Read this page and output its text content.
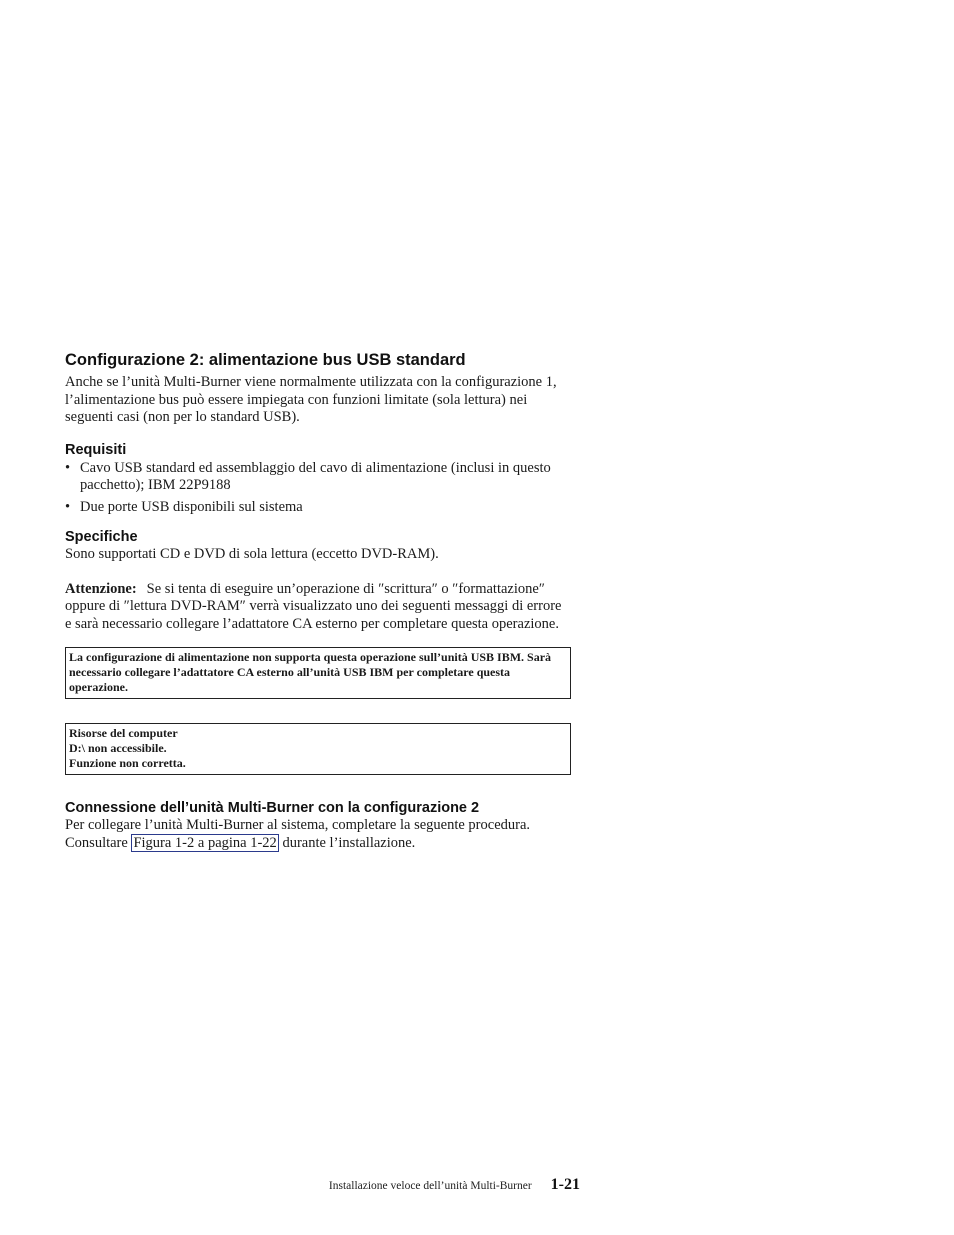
Configurazione 2: alimentazione bus USB standard

Anche se l’unità Multi-Burner viene normalmente utilizzata con la configurazione 1, l’alimentazione bus può essere impiegata con funzioni limitate (sola lettura) nei seguenti casi (non per lo standard USB).

Requisiti
• Cavo USB standard ed assemblaggio del cavo di alimentazione (inclusi in questo pacchetto); IBM 22P9188
• Due porte USB disponibili sul sistema
Specifiche

Sono supportati CD e DVD di sola lettura (eccetto DVD-RAM).

Attenzione: Se si tenta di eseguire un’operazione di ″scrittura″ o ″formattazione″ oppure di ″lettura DVD-RAM″ verrà visualizzato uno dei seguenti messaggi di errore e sarà necessario collegare l’adattatore CA esterno per completare questa operazione.

La configurazione di alimentazione non supporta questa operazione sull’unità USB IBM. Sarà necessario collegare l’adattatore CA esterno all’unità USB IBM per completare questa operazione.
Risorse del computer
D:\ non accessibile.
Funzione non corretta.
Connessione dell’unità Multi-Burner con la configurazione 2

Per collegare l’unità Multi-Burner al sistema, completare la seguente procedura.

Consultare Figura 1-2 a pagina 1-22 durante l’installazione.

Installazione veloce dell’unità Multi-Burner 1-21
